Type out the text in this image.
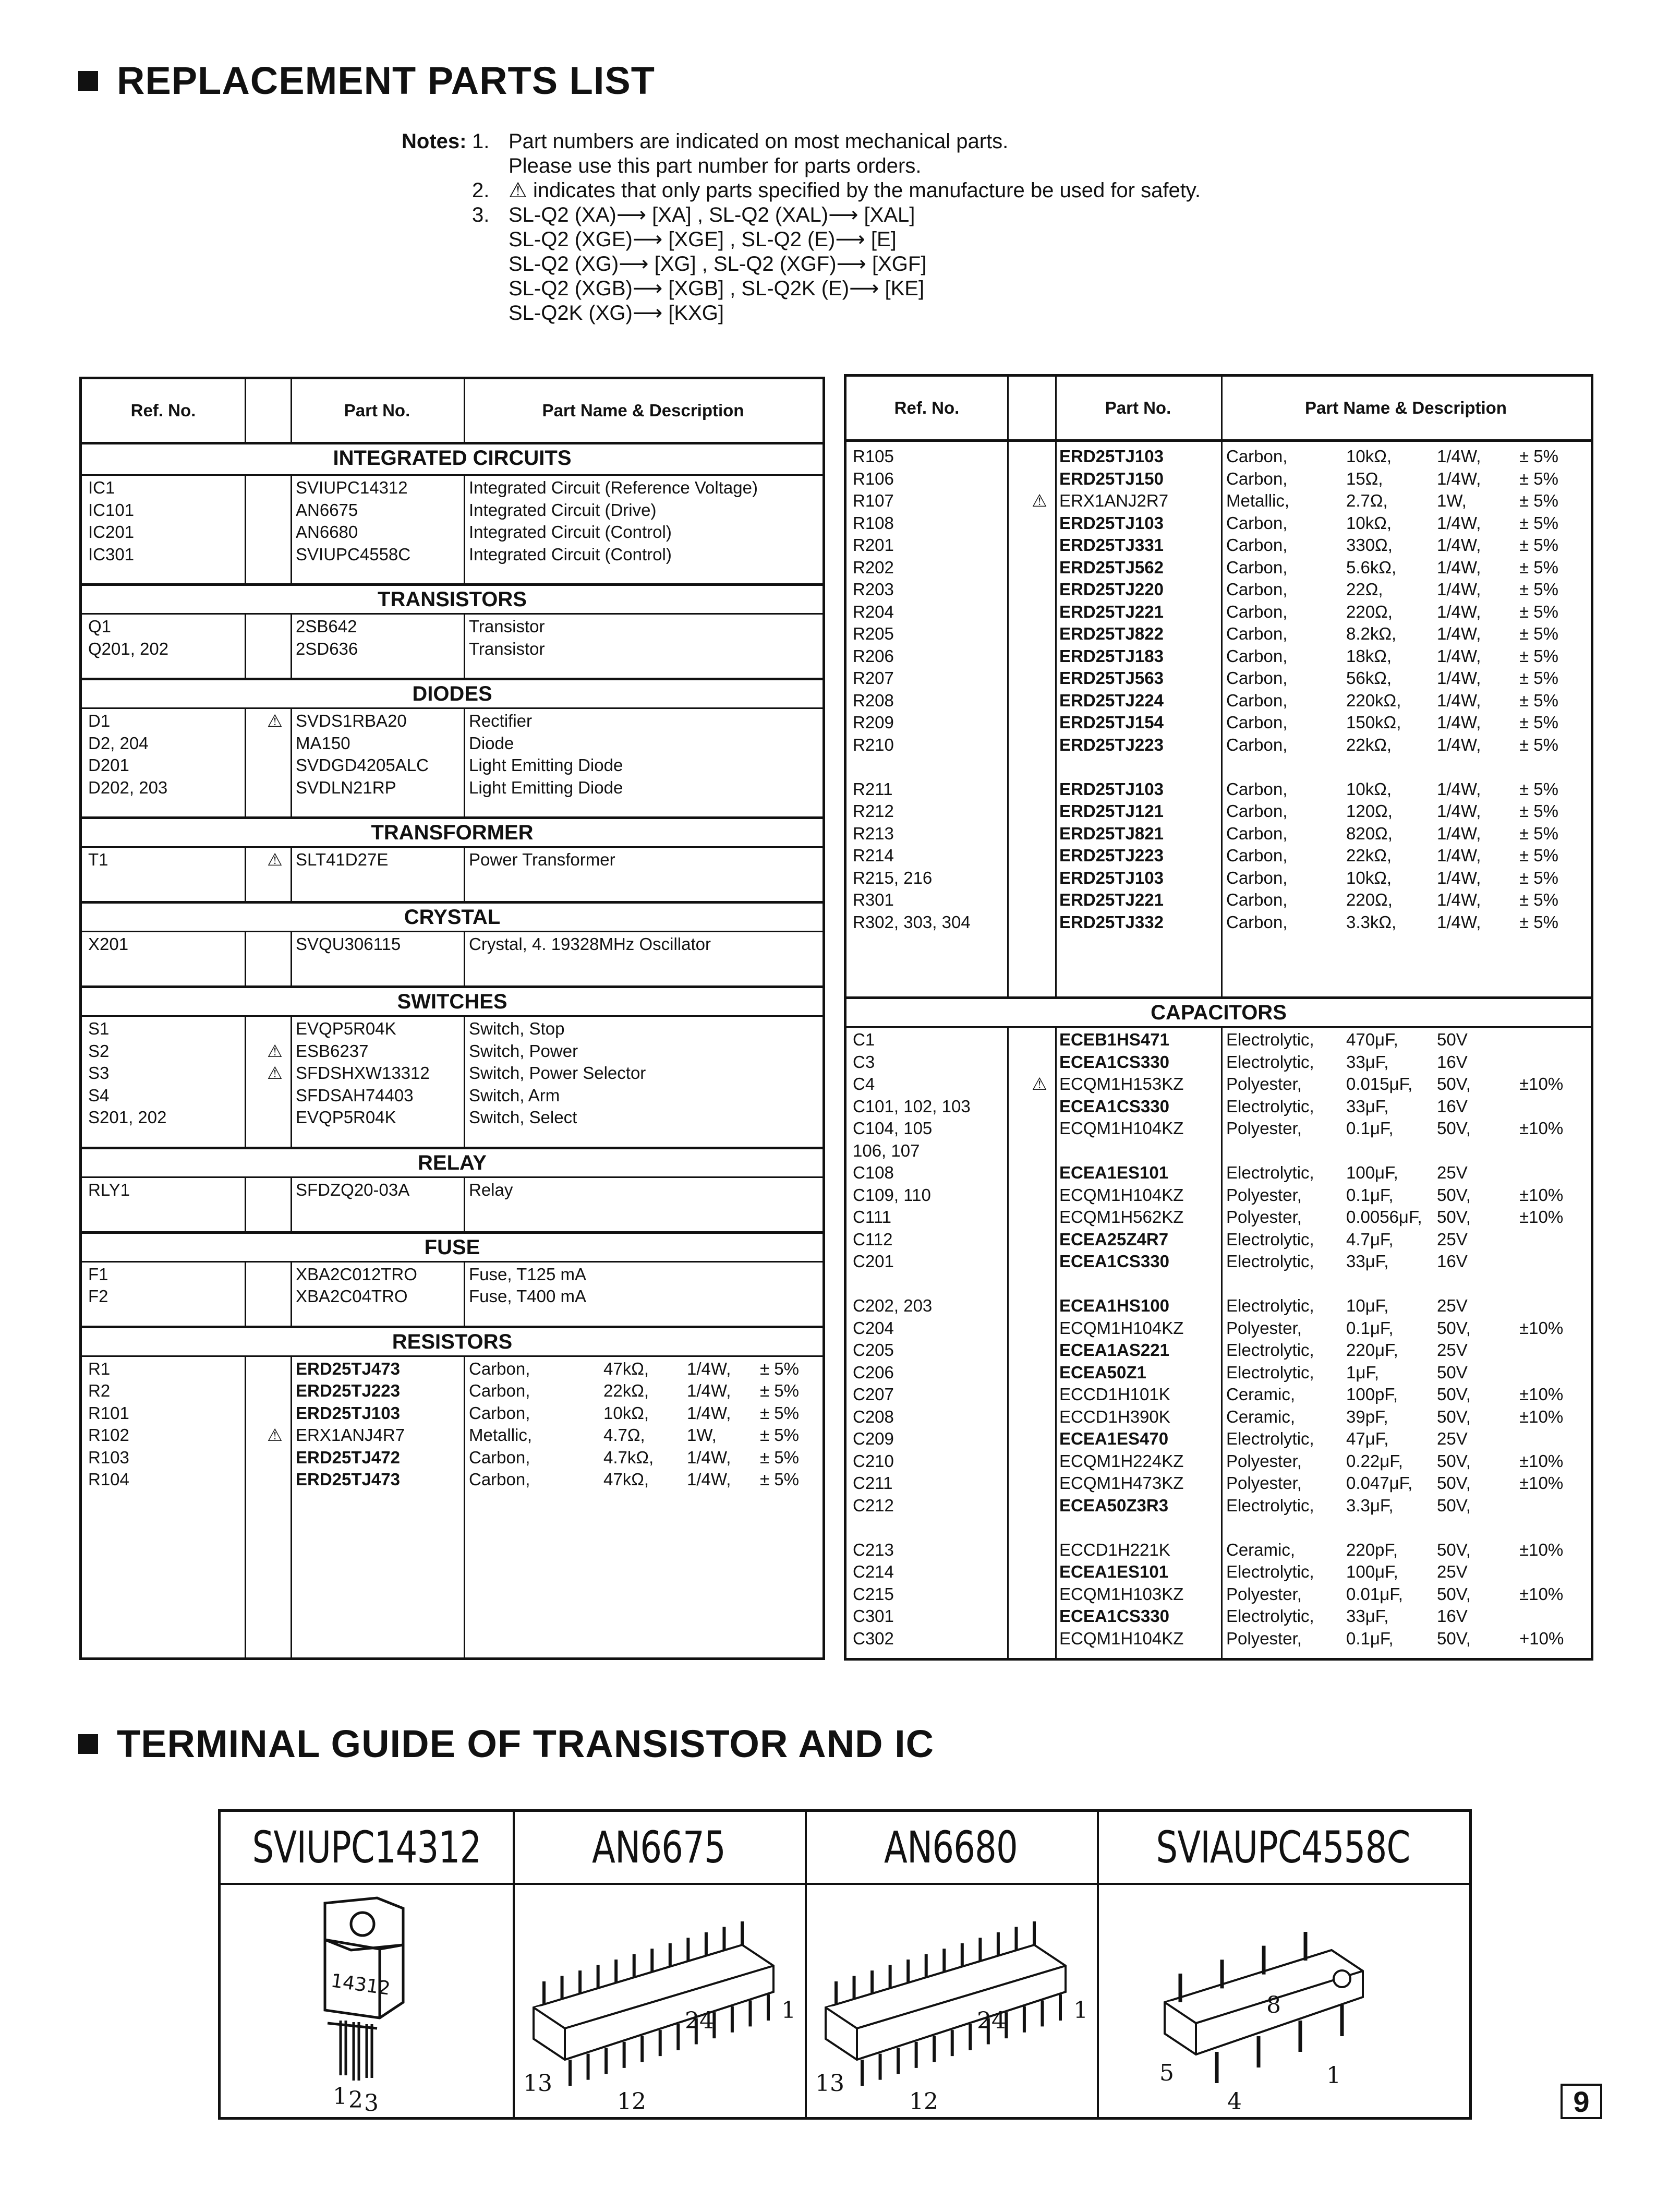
REPLACEMENT PARTS LIST
Notes: 1. Part numbers are indicated on most mechanical parts.
Please use this part number for parts orders.
2. ⚠ indicates that only parts specified by the manufacture be used for safety.
3. SL-Q2 (XA)⟶ [XA] , SL-Q2 (XAL)⟶ [XAL]
SL-Q2 (XGE)⟶ [XGE] , SL-Q2 (E)⟶ [E]
SL-Q2 (XG)⟶ [XG] , SL-Q2 (XGF)⟶ [XGF]
SL-Q2 (XGB)⟶ [XGB] , SL-Q2K (E)⟶ [KE]
SL-Q2K (XG)⟶ [KXG]
Ref. No.	Part No.	Part Name & Description
INTEGRATED CIRCUITS
IC1	SVIUPC14312	Integrated Circuit (Reference Voltage)
IC101	AN6675	Integrated Circuit (Drive)
IC201	AN6680	Integrated Circuit (Control)
IC301	SVIUPC4558C	Integrated Circuit (Control)
TRANSISTORS
Q1	2SB642	Transistor
Q201, 202	2SD636	Transistor
DIODES
D1	⚠ SVDS1RBA20	Rectifier
D2, 204	MA150	Diode
D201	SVDGD4205ALC Light Emitting Diode
D202, 203	SVDLN21RP	Light Emitting Diode
TRANSFORMER
T1	⚠ SLT41D27E	Power Transformer
CRYSTAL
X201	SVQU306115	Crystal, 4. 19328MHz Oscillator
SWITCHES
S1	EVQP5R04K	Switch, Stop
S2	⚠ ESB6237	Switch, Power
S3	⚠ SFDSHXW13312 Switch, Power Selector
S4	SFDSAH74403	Switch, Arm
S201, 202	EVQP5R04K	Switch, Select
RELAY
RLY1	SFDZQ20-03A	Relay
FUSE
F1	XBA2C012TRO	Fuse, T125 mA
F2	XBA2C04TRO	Fuse, T400 mA
RESISTORS
R1	ERD25TJ473	Carbon,	47kΩ, 1/4W, ± 5%
R2	ERD25TJ223	Carbon,	22kΩ, 1/4W, ± 5%
R101	ERD25TJ103	Carbon,	10kΩ, 1/4W, ± 5%
R102	⚠ ERX1ANJ4R7	Metallic,	4.7Ω, 1W,	± 5%
R103	ERD25TJ472	Carbon,	4.7kΩ, 1/4W, ± 5%
R104	ERD25TJ473	Carbon,	47kΩ, 1/4W, ± 5%
Ref. No.	Part No.	Part Name & Description
R105	ERD25TJ103	Carbon,	10kΩ,	1/4W, ± 5%
R106	ERD25TJ150	Carbon,	15Ω,	1/4W, ± 5%
R107	⚠ ERX1ANJ2R7	Metallic,	2.7Ω,	1W,	± 5%
R108	ERD25TJ103	Carbon,	10kΩ,	1/4W, ± 5%
R201	ERD25TJ331	Carbon,	330Ω,	1/4W, ± 5%
R202	ERD25TJ562	Carbon,	5.6kΩ, 1/4W, ± 5%
R203	ERD25TJ220	Carbon,	22Ω,	1/4W, ± 5%
R204	ERD25TJ221	Carbon,	220Ω,	1/4W, ± 5%
R205	ERD25TJ822	Carbon,	8.2kΩ, 1/4W, ± 5%
R206	ERD25TJ183	Carbon,	18kΩ,	1/4W, ± 5%
R207	ERD25TJ563	Carbon,	56kΩ,	1/4W, ± 5%
R208	ERD25TJ224	Carbon,	220kΩ, 1/4W, ± 5%
R209	ERD25TJ154	Carbon,	150kΩ, 1/4W, ± 5%
R210	ERD25TJ223	Carbon,	22kΩ,	1/4W, ± 5%
R211	ERD25TJ103	Carbon,	10kΩ,	1/4W, ± 5%
R212	ERD25TJ121	Carbon,	120Ω,	1/4W, ± 5%
R213	ERD25TJ821	Carbon,	820Ω,	1/4W, ± 5%
R214	ERD25TJ223	Carbon,	22kΩ,	1/4W, ± 5%
R215, 216	ERD25TJ103	Carbon,	10kΩ,	1/4W, ± 5%
R301	ERD25TJ221	Carbon,	220Ω,	1/4W, ± 5%
R302, 303, 304	ERD25TJ332	Carbon,	3.3kΩ, 1/4W, ± 5%
CAPACITORS
C1	ECEB1HS471	Electrolytic, 470μF, 50V
C3	ECEA1CS330	Electrolytic, 33μF,	16V
C4	⚠ ECQM1H153KZ Polyester,	0.015μF, 50V,	±10%
C101, 102, 103	ECEA1CS330	Electrolytic, 33μF,	16V
C104, 105	ECQM1H104KZ Polyester,	0.1μF,	50V,	±10%
106, 107
C108	ECEA1ES101	Electrolytic, 100μF, 25V
C109, 110	ECQM1H104KZ Polyester,	0.1μF,	50V,	±10%
C111	ECQM1H562KZ Polyester,	0.0056μF, 50V,	±10%
C112	ECEA25Z4R7	Electrolytic, 4.7μF,	25V
C201	ECEA1CS330	Electrolytic, 33μF,	16V
C202, 203	ECEA1HS100	Electrolytic, 10μF,	25V
C204	ECQM1H104KZ Polyester,	0.1μF,	50V,	±10%
C205	ECEA1AS221	Electrolytic, 220μF, 25V
C206	ECEA50Z1	Electrolytic, 1μF,	50V
C207	ECCD1H101K	Ceramic,	100pF, 50V,	±10%
C208	ECCD1H390K	Ceramic,	39pF,	50V,	±10%
C209	ECEA1ES470	Electrolytic, 47μF,	25V
C210	ECQM1H224KZ Polyester,	0.22μF, 50V,	±10%
C211	ECQM1H473KZ Polyester,	0.047μF, 50V,	±10%
C212	ECEA50Z3R3	Electrolytic, 3.3μF,	50V,
C213	ECCD1H221K	Ceramic,	220pF, 50V,	±10%
C214	ECEA1ES101	Electrolytic, 100μF, 25V
C215	ECQM1H103KZ Polyester,	0.01μF, 50V,	±10%
C301	ECEA1CS330	Electrolytic, 33μF,	16V
C302	ECQM1H104KZ Polyester,	0.1μF,	50V,	+10%
TERMINAL GUIDE OF TRANSISTOR AND IC
SVIUPC14312	AN6675	AN6680	SVIAUPC4558C
14312
1 2 3
24	1
13
12
24	1
13
12
8
5
4
1
9
